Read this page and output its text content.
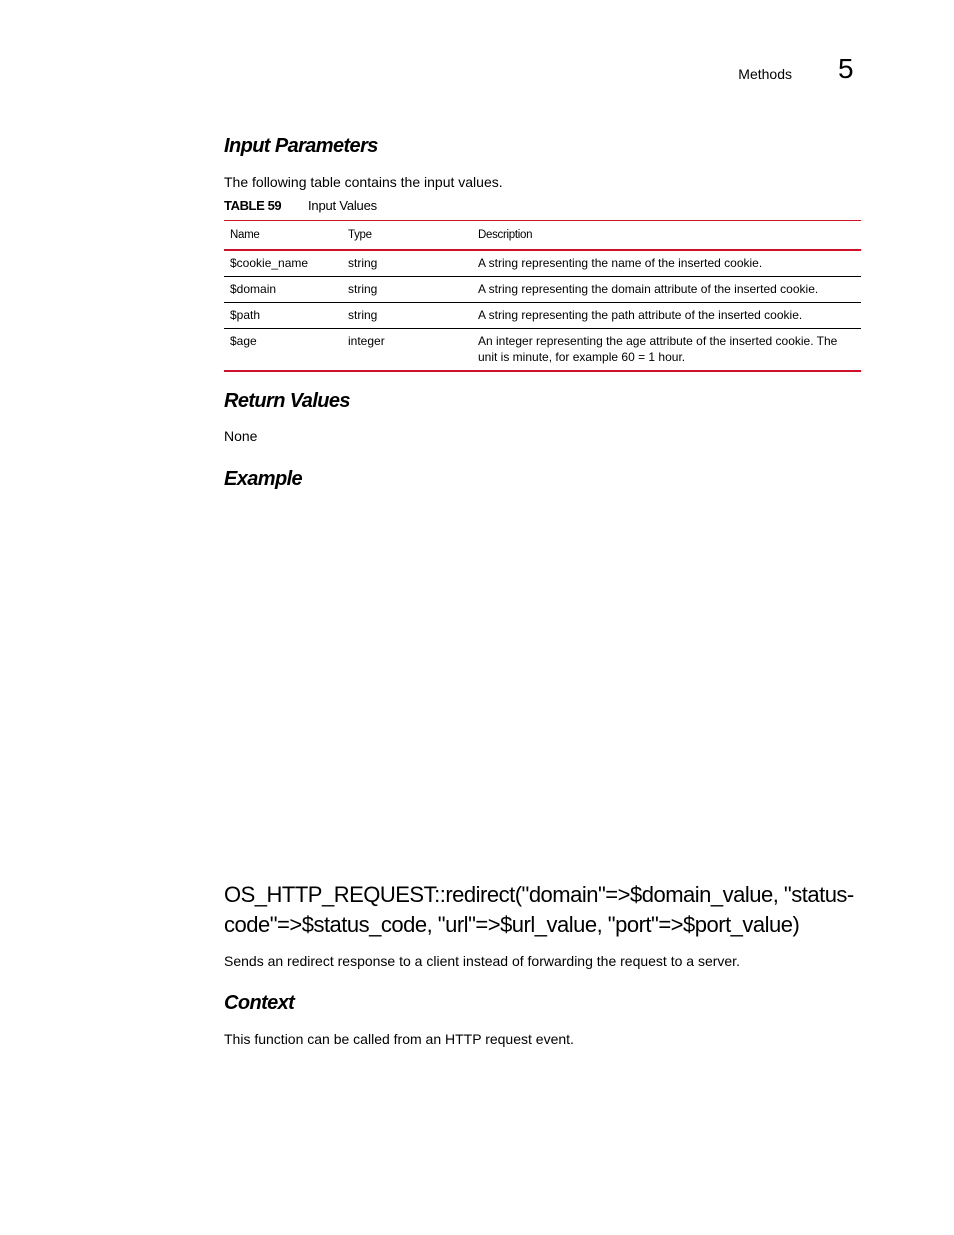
Methods 5
Input Parameters
The following table contains the input values.
TABLE 59 Input Values
Name	Type	Description
$cookie_name	string	A string representing the name of the inserted cookie.
$domain	string	A string representing the domain attribute of the inserted cookie.
$path	string	A string representing the path attribute of the inserted cookie.
$age	integer	An integer representing the age attribute of the inserted cookie. The unit is minute, for example 60 = 1 hour.
Return Values
None
Example
OS_HTTP_REQUEST::redirect("domain"=>$domain_value, "status-code"=>$status_code, "url"=>$url_value, "port"=>$port_value)
Sends an redirect response to a client instead of forwarding the request to a server.
Context
This function can be called from an HTTP request event.
